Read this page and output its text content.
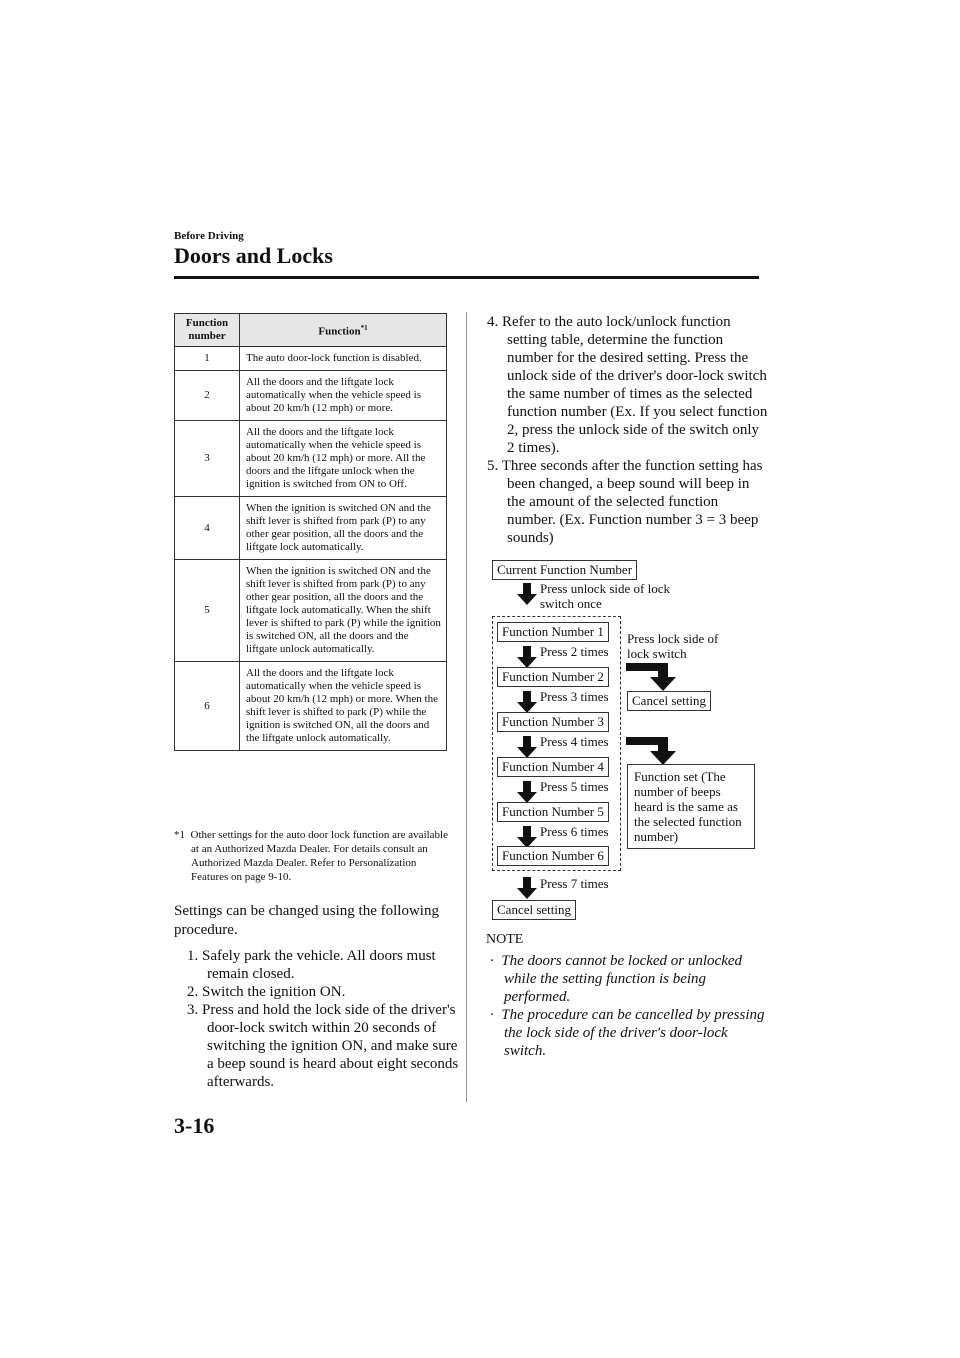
Before Driving
Doors and Locks
Function number	Function$^{*1}$
1	The auto door-lock function is disabled.
2	All the doors and the liftgate lock automatically when the vehicle speed is about 20 km/h (12 mph) or more.
3	All the doors and the liftgate lock automatically when the vehicle speed is about 20 km/h (12 mph) or more. All the doors and the liftgate unlock when the ignition is switched from ON to Off.
4	When the ignition is switched ON and the shift lever is shifted from park (P) to any other gear position, all the doors and the liftgate lock automatically.
5	When the ignition is switched ON and the shift lever is shifted from park (P) to any other gear position, all the doors and the liftgate lock automatically. When the shift lever is shifted to park (P) while the ignition is switched ON, all the doors and the liftgate unlock automatically.
6	All the doors and the liftgate lock automatically when the vehicle speed is about 20 km/h (12 mph) or more. When the shift lever is shifted to park (P) while the ignition is switched ON, all the doors and the liftgate unlock automatically.
*1 Other settings for the auto door lock function are available at an Authorized Mazda Dealer. For details consult an Authorized Mazda Dealer. Refer to Personalization Features on page 9-10.
Settings can be changed using the following procedure.
1. Safely park the vehicle. All doors must remain closed.
2. Switch the ignition ON.
3. Press and hold the lock side of the driver's door-lock switch within 20 seconds of switching the ignition ON, and make sure a beep sound is heard about eight seconds afterwards.
4. Refer to the auto lock/unlock function setting table, determine the function number for the desired setting. Press the unlock side of the driver's door-lock switch the same number of times as the selected function number (Ex. If you select function 2, press the unlock side of the switch only 2 times).
5. Three seconds after the function setting has been changed, a beep sound will beep in the amount of the selected function number. (Ex. Function number 3 = 3 beep sounds)
Current Function Number
Press unlock side of lock switch once
Function Number 1
Press 2 times
Function Number 2
Press 3 times
Function Number 3
Press 4 times
Function Number 4
Press 5 times
Function Number 5
Press 6 times
Function Number 6
Press 7 times
Cancel setting
Press lock side of lock switch
Cancel setting
Function set (The number of beeps heard is the same as the selected function number)
NOTE
· The doors cannot be locked or unlocked while the setting function is being performed.
· The procedure can be cancelled by pressing the lock side of the driver's door-lock switch.
3-16
